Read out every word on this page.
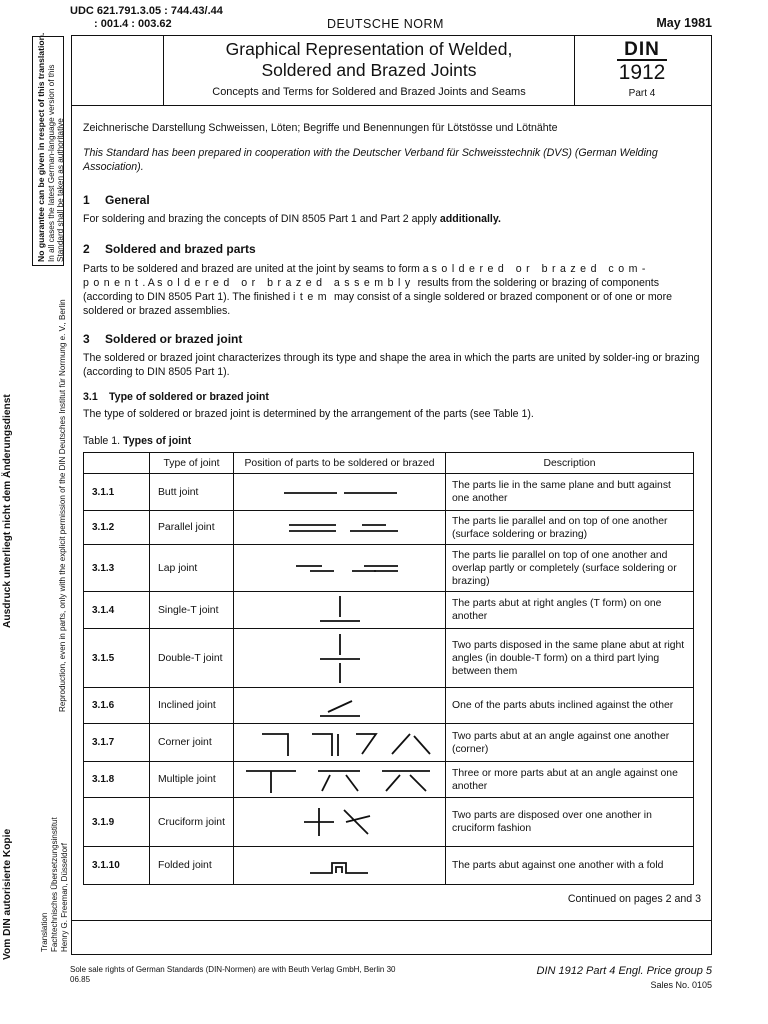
UDC 621.791.3.05 : 744.43/.44
: 001.4 : 003.62	DEUTSCHE NORM	May 1981
Graphical Representation of Welded,
Soldered and Brazed Joints
Concepts and Terms for Soldered and Brazed Joints and Seams
DIN
1912
Part 4
No guarantee can be given in respect of this translation. In all cases the latest German-language version of this Standard shall be taken as authoritative
Reproduction, even in parts, only with the explicit permission of the DIN Deutsches Institut für Normung e. V., Berlin
Translation Fachtechnisches Übersetzungsinstitut Henry G. Freeman, Düsseldorf
Ausdruck unterliegt nicht dem Änderungsdienst
Vom DIN autorisierte Kopie
Zeichnerische Darstellung Schweissen, Löten; Begriffe und Benennungen für Lötstösse und Lötnähte
This Standard has been prepared in cooperation with the Deutscher Verband für Schweisstechnik (DVS) (German Welding Association).
1 General
For soldering and brazing the concepts of DIN 8505 Part 1 and Part 2 apply additionally.
2 Soldered and brazed parts
Parts to be soldered and brazed are united at the joint by seams to form a soldered or brazed com-
ponent. A soldered or brazed assembly results from the soldering or brazing of components (according to DIN 8505 Part 1). The finished item may consist of a single soldered or brazed component or of one or more soldered or brazed assemblies.
3 Soldered or brazed joint
The soldered or brazed joint characterizes through its type and shape the area in which the parts are united by solder-ing or brazing (according to DIN 8505 Part 1).
3.1 Type of soldered or brazed joint
The type of soldered or brazed joint is determined by the arrangement of the parts (see Table 1).
Table 1. Types of joint
	Type of joint	Position of parts to be soldered or brazed	Description
3.1.1	Butt joint		The parts lie in the same plane and butt against one another
3.1.2	Parallel joint		The parts lie parallel and on top of one another (surface soldering or brazing)
3.1.3	Lap joint		The parts lie parallel on top of one another and overlap partly or completely (surface soldering or brazing)
3.1.4	Single-T joint		The parts abut at right angles (T form) on one another
3.1.5	Double-T joint		Two parts disposed in the same plane abut at right angles (in double-T form) on a third part lying between them
3.1.6	Inclined joint		One of the parts abuts inclined against the other
3.1.7	Corner joint		Two parts abut at an angle against one another (corner)
3.1.8	Multiple joint		Three or more parts abut at an angle against one another
3.1.9	Cruciform joint		Two parts are disposed over one another in cruciform fashion
3.1.10	Folded joint		The parts abut against one another with a fold
Continued on pages 2 and 3
Sole sale rights of German Standards (DIN-Normen) are with Beuth Verlag GmbH, Berlin 30
06.85
DIN 1912 Part 4 Engl. Price group 5
Sales No. 0105
